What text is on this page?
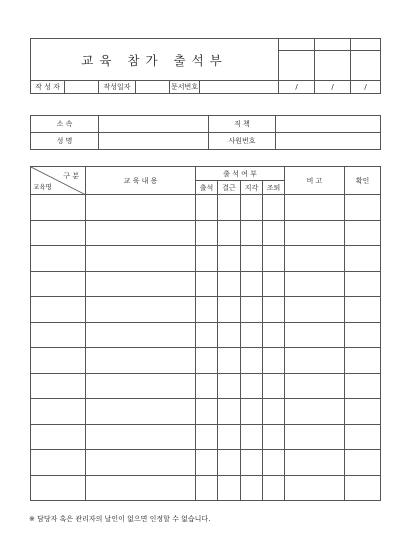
교육 참가 출석부								

작 성 자		작성일자		문서번호		/	/	/
소 속		직 책	
성 명		사원번호	
구 분
교육명	교 육 내 용	출 석 여 부				비 고	확인
		출석	결근	지각	조퇴		

※ 담당자 혹은 관리자의 날인이 없으면 인정할 수 없습니다.
